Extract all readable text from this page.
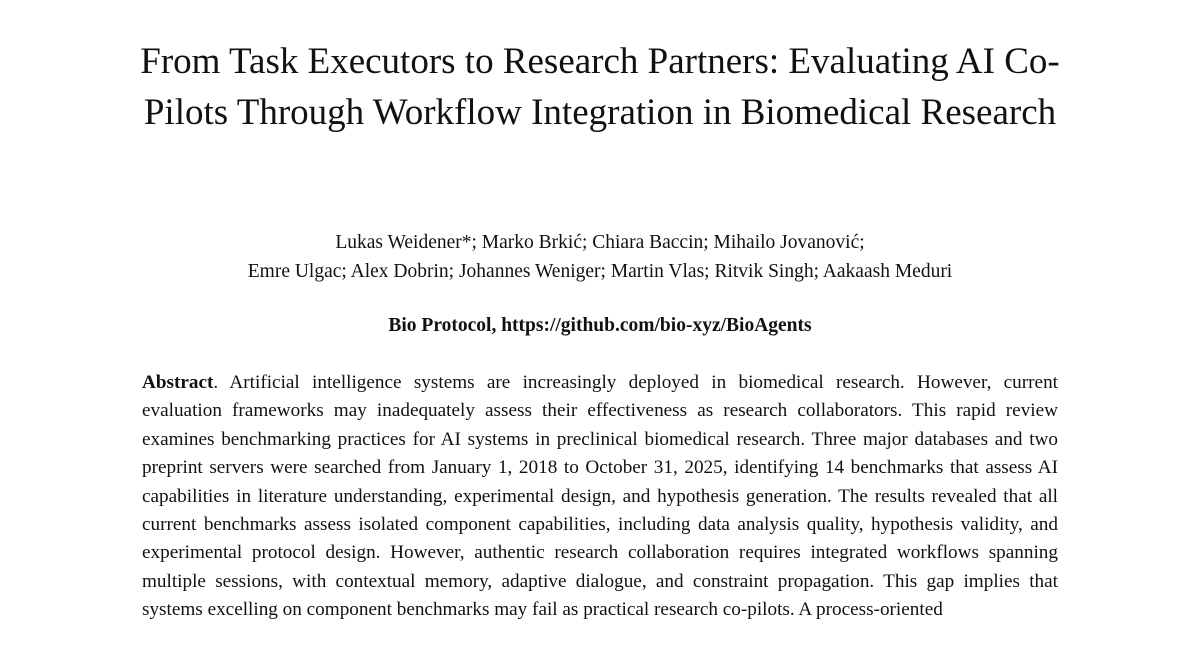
From Task Executors to Research Partners: Evaluating AI Co-Pilots Through Workflow Integration in Biomedical Research
Lukas Weidener*; Marko Brkić; Chiara Baccin; Mihailo Jovanović;
Emre Ulgac; Alex Dobrin; Johannes Weniger; Martin Vlas; Ritvik Singh; Aakaash Meduri
Bio Protocol, https://github.com/bio-xyz/BioAgents

Abstract. Artificial intelligence systems are increasingly deployed in biomedical research. However, current evaluation frameworks may inadequately assess their effectiveness as research collaborators. This rapid review examines benchmarking practices for AI systems in preclinical biomedical research. Three major databases and two preprint servers were searched from January 1, 2018 to October 31, 2025, identifying 14 benchmarks that assess AI capabilities in literature understanding, experimental design, and hypothesis generation. The results revealed that all current benchmarks assess isolated component capabilities, including data analysis quality, hypothesis validity, and experimental protocol design. However, authentic research collaboration requires integrated workflows spanning multiple sessions, with contextual memory, adaptive dialogue, and constraint propagation. This gap implies that systems excelling on component benchmarks may fail as practical research co-pilots. A process-oriented
